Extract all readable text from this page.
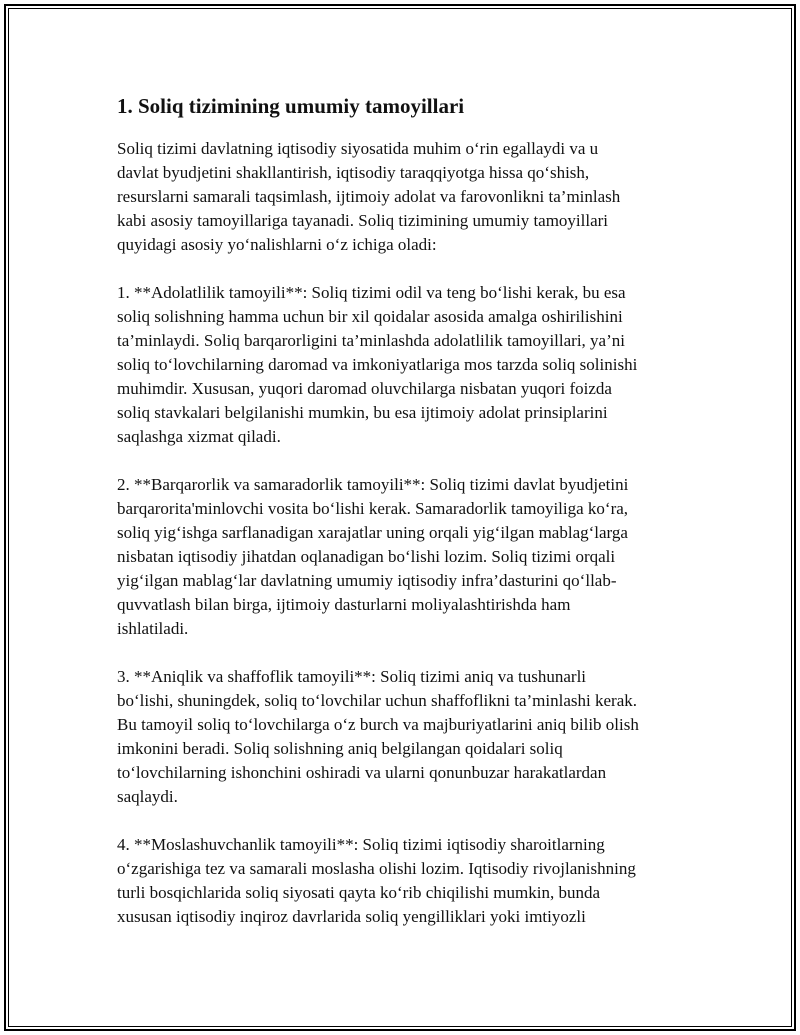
1. Soliq tizimining umumiy tamoyillari

Soliq tizimi davlatning iqtisodiy siyosatida muhim o‘rin egallaydi va u
davlat byudjetini shakllantirish, iqtisodiy taraqqiyotga hissa qo‘shish,
resurslarni samarali taqsimlash, ijtimoiy adolat va farovonlikni ta’minlash
kabi asosiy tamoyillariga tayanadi. Soliq tizimining umumiy tamoyillari
quyidagi asosiy yo‘nalishlarni o‘z ichiga oladi:

1. **Adolatlilik tamoyili**: Soliq tizimi odil va teng bo‘lishi kerak, bu esa
soliq solishning hamma uchun bir xil qoidalar asosida amalga oshirilishini
ta’minlaydi. Soliq barqarorligini ta’minlashda adolatlilik tamoyillari, ya’ni
soliq to‘lovchilarning daromad va imkoniyatlariga mos tarzda soliq solinishi
muhimdir. Xususan, yuqori daromad oluvchilarga nisbatan yuqori foizda
soliq stavkalari belgilanishi mumkin, bu esa ijtimoiy adolat prinsiplarini
saqlashga xizmat qiladi.

2. **Barqarorlik va samaradorlik tamoyili**: Soliq tizimi davlat byudjetini
barqarorita'minlovchi vosita bo‘lishi kerak. Samaradorlik tamoyiliga ko‘ra,
soliq yig‘ishga sarflanadigan xarajatlar uning orqali yig‘ilgan mablag‘larga
nisbatan iqtisodiy jihatdan oqlanadigan bo‘lishi lozim. Soliq tizimi orqali
yig‘ilgan mablag‘lar davlatning umumiy iqtisodiy infra’dasturini qo‘llab-
quvvatlash bilan birga, ijtimoiy dasturlarni moliyalashtirishda ham
ishlatiladi.

3. **Aniqlik va shaffoflik tamoyili**: Soliq tizimi aniq va tushunarli
bo‘lishi, shuningdek, soliq to‘lovchilar uchun shaffoflikni ta’minlashi kerak.
Bu tamoyil soliq to‘lovchilarga o‘z burch va majburiyatlarini aniq bilib olish
imkonini beradi. Soliq solishning aniq belgilangan qoidalari soliq
to‘lovchilarning ishonchini oshiradi va ularni qonunbuzar harakatlardan
saqlaydi.

4. **Moslashuvchanlik tamoyili**: Soliq tizimi iqtisodiy sharoitlarning
o‘zgarishiga tez va samarali moslasha olishi lozim. Iqtisodiy rivojlanishning
turli bosqichlarida soliq siyosati qayta ko‘rib chiqilishi mumkin, bunda
xususan iqtisodiy inqiroz davrlarida soliq yengilliklari yoki imtiyozli
